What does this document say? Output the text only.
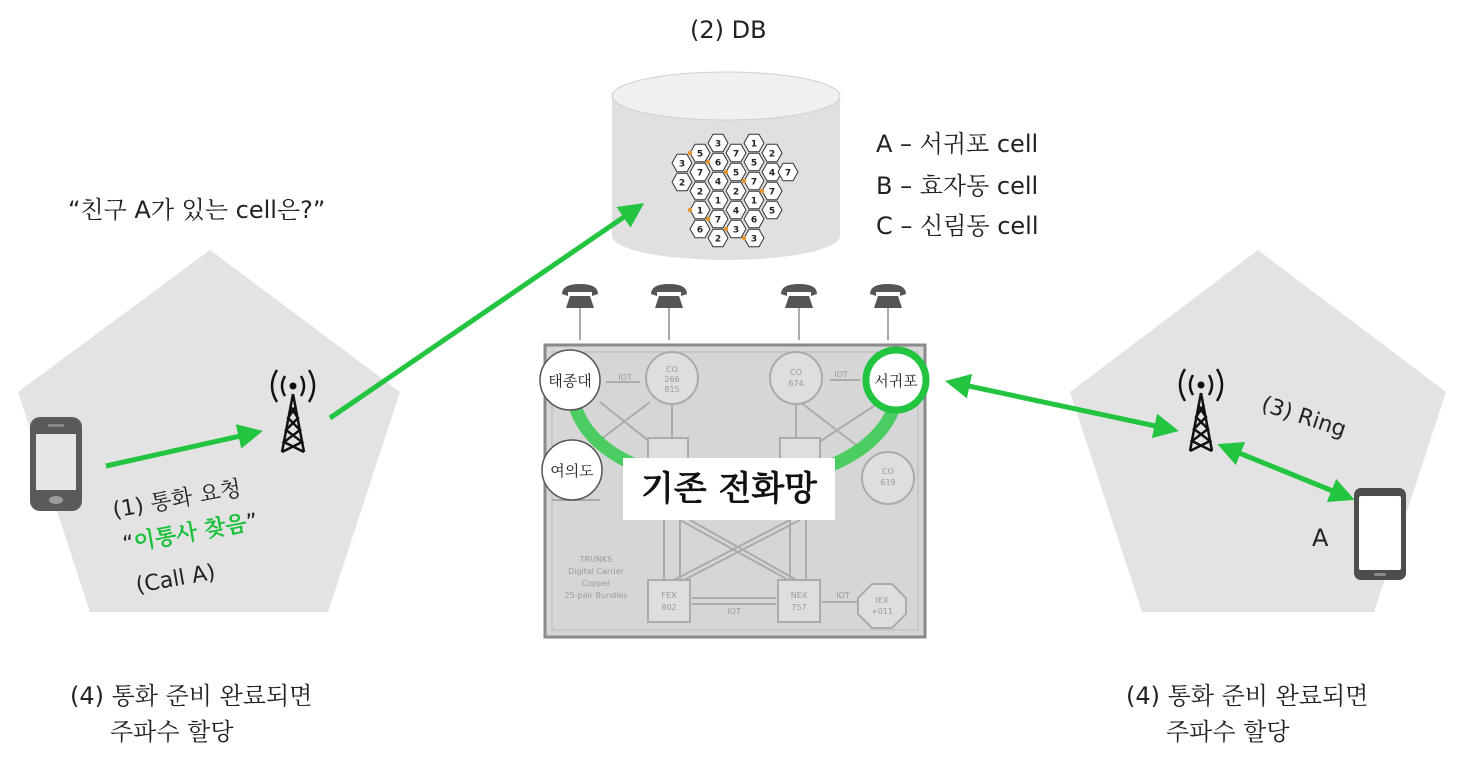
3
2
5
7
2
1
6
3
6
4
1
7
2
7
5
2
4
3
1
5
7
1
6
3
2
4
7
5
7
CO
266
815
CO
674
CO
619
FEX
802
NEX
757
IEX
+011
IOT	IOT
IOT
IOT
TRUNKS
Digital Carrier
Copper
25-pair Bundles
태종대
여의도
서귀포
(2) DB
A – 서귀포 cell
B – 효자동 cell
C – 신림동 cell
“친구 A가 있는 cell은?”
(1) 통화 요청
“이통사 찾음”
(Call A)
(3) Ring
A
기존 전화망
(4) 통화 준비 완료되면
주파수 할당
(4) 통화 준비 완료되면
주파수 할당
